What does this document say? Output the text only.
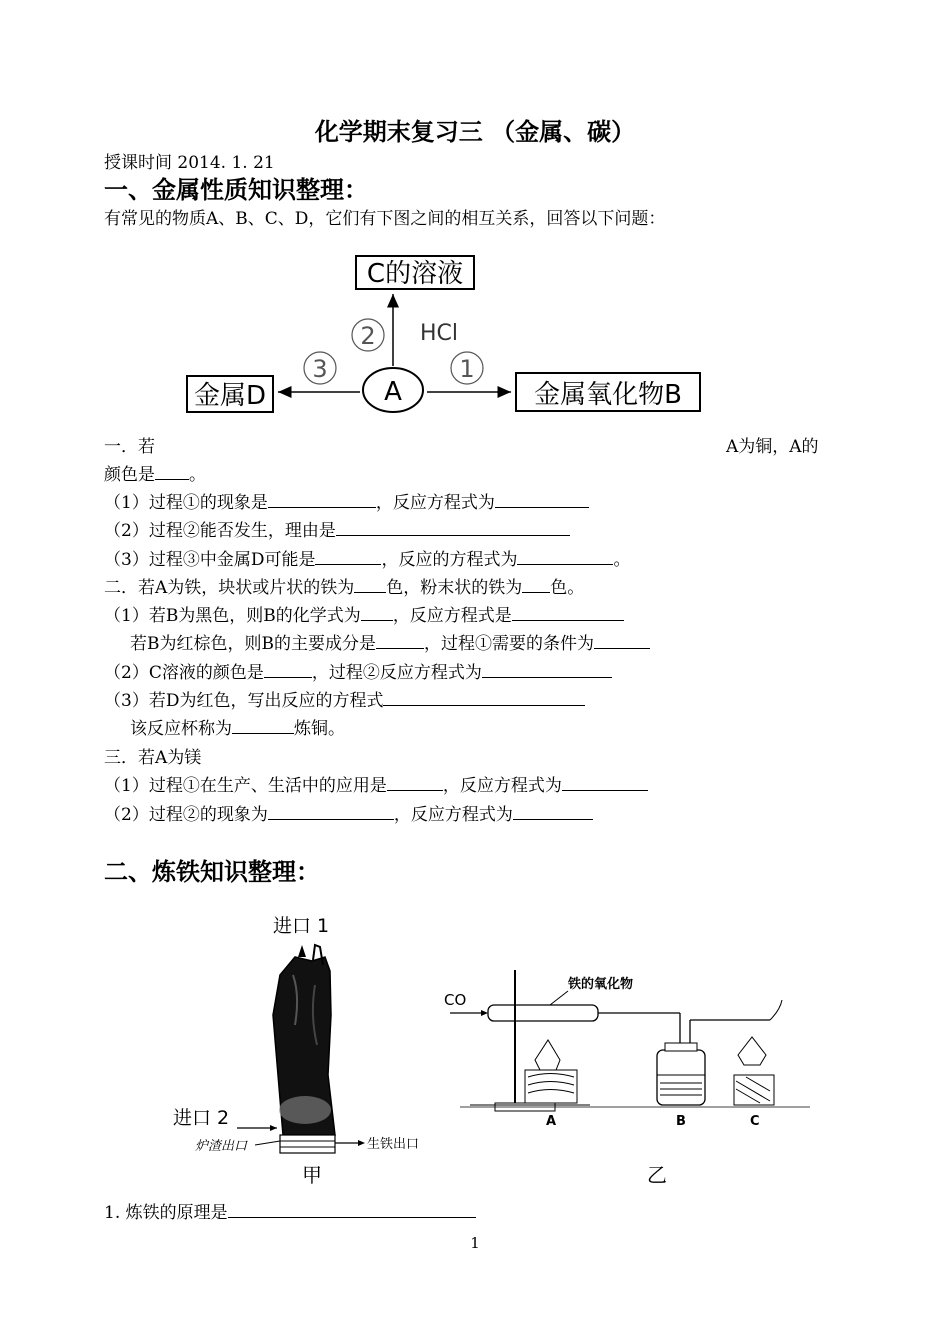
化学期末复习三 （金属、碳）
授课时间 2014. 1. 21
一、金属性质知识整理：
有常见的物质A、B、C、D，它们有下图之间的相互关系，回答以下问题：
C的溶液
金属D	金属氧化物B
A
2 HCl
3	1
一．若	A为铜，A的
颜色是 。
（1）过程①的现象是	，反应方程式为
（2）过程②能否发生，理由是
（3）过程③中金属D可能是	，反应的方程式为	。
二．若A为铁，块状或片状的铁为 色，粉末状的铁为 色。
（1）若B为黑色，则B的化学式为 ，反应方程式是
若B为红棕色，则B的主要成分是	，过程①需要的条件为
（2）C溶液的颜色是	，过程②反应方程式为
（3）若D为红色，写出反应的方程式
该反应杯称为	炼铜。
三．若A为镁
（1）过程①在生产、生活中的应用是	，反应方程式为
（2）过程②的现象为	，反应方程式为
二、炼铁知识整理：
进口 1
进口 2
炉渣出口	生铁出口
甲
CO
铁的氧化物
A	B	C
乙
1. 炼铁的原理是
1
